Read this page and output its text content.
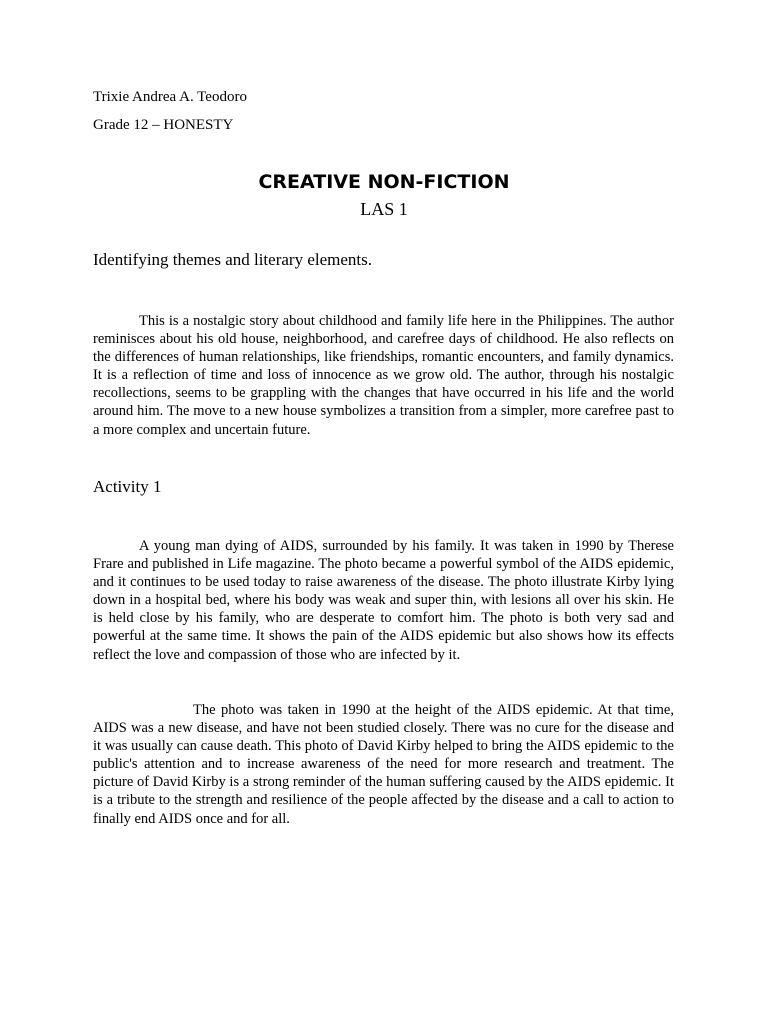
Trixie Andrea A. Teodoro
Grade 12 – HONESTY
CREATIVE NON-FICTION
LAS 1
Identifying themes and literary elements.

This is a nostalgic story about childhood and family life here in the Philippines. The author reminisces about his old house, neighborhood, and carefree days of childhood. He also reflects on the differences of human relationships, like friendships, romantic encounters, and family dynamics. It is a reflection of time and loss of innocence as we grow old. The author, through his nostalgic recollections, seems to be grappling with the changes that have occurred in his life and the world around him. The move to a new house symbolizes a transition from a simpler, more carefree past to a more complex and uncertain future.

Activity 1

A young man dying of AIDS, surrounded by his family. It was taken in 1990 by Therese Frare and published in Life magazine. The photo became a powerful symbol of the AIDS epidemic, and it continues to be used today to raise awareness of the disease. The photo illustrate Kirby lying down in a hospital bed, where his body was weak and super thin, with lesions all over his skin. He is held close by his family, who are desperate to comfort him. The photo is both very sad and powerful at the same time. It shows the pain of the AIDS epidemic but also shows how its effects reflect the love and compassion of those who are infected by it.

The photo was taken in 1990 at the height of the AIDS epidemic. At that time, AIDS was a new disease, and have not been studied closely. There was no cure for the disease and it was usually can cause death. This photo of David Kirby helped to bring the AIDS epidemic to the public's attention and to increase awareness of the need for more research and treatment. The picture of David Kirby is a strong reminder of the human suffering caused by the AIDS epidemic. It is a tribute to the strength and resilience of the people affected by the disease and a call to action to finally end AIDS once and for all.
